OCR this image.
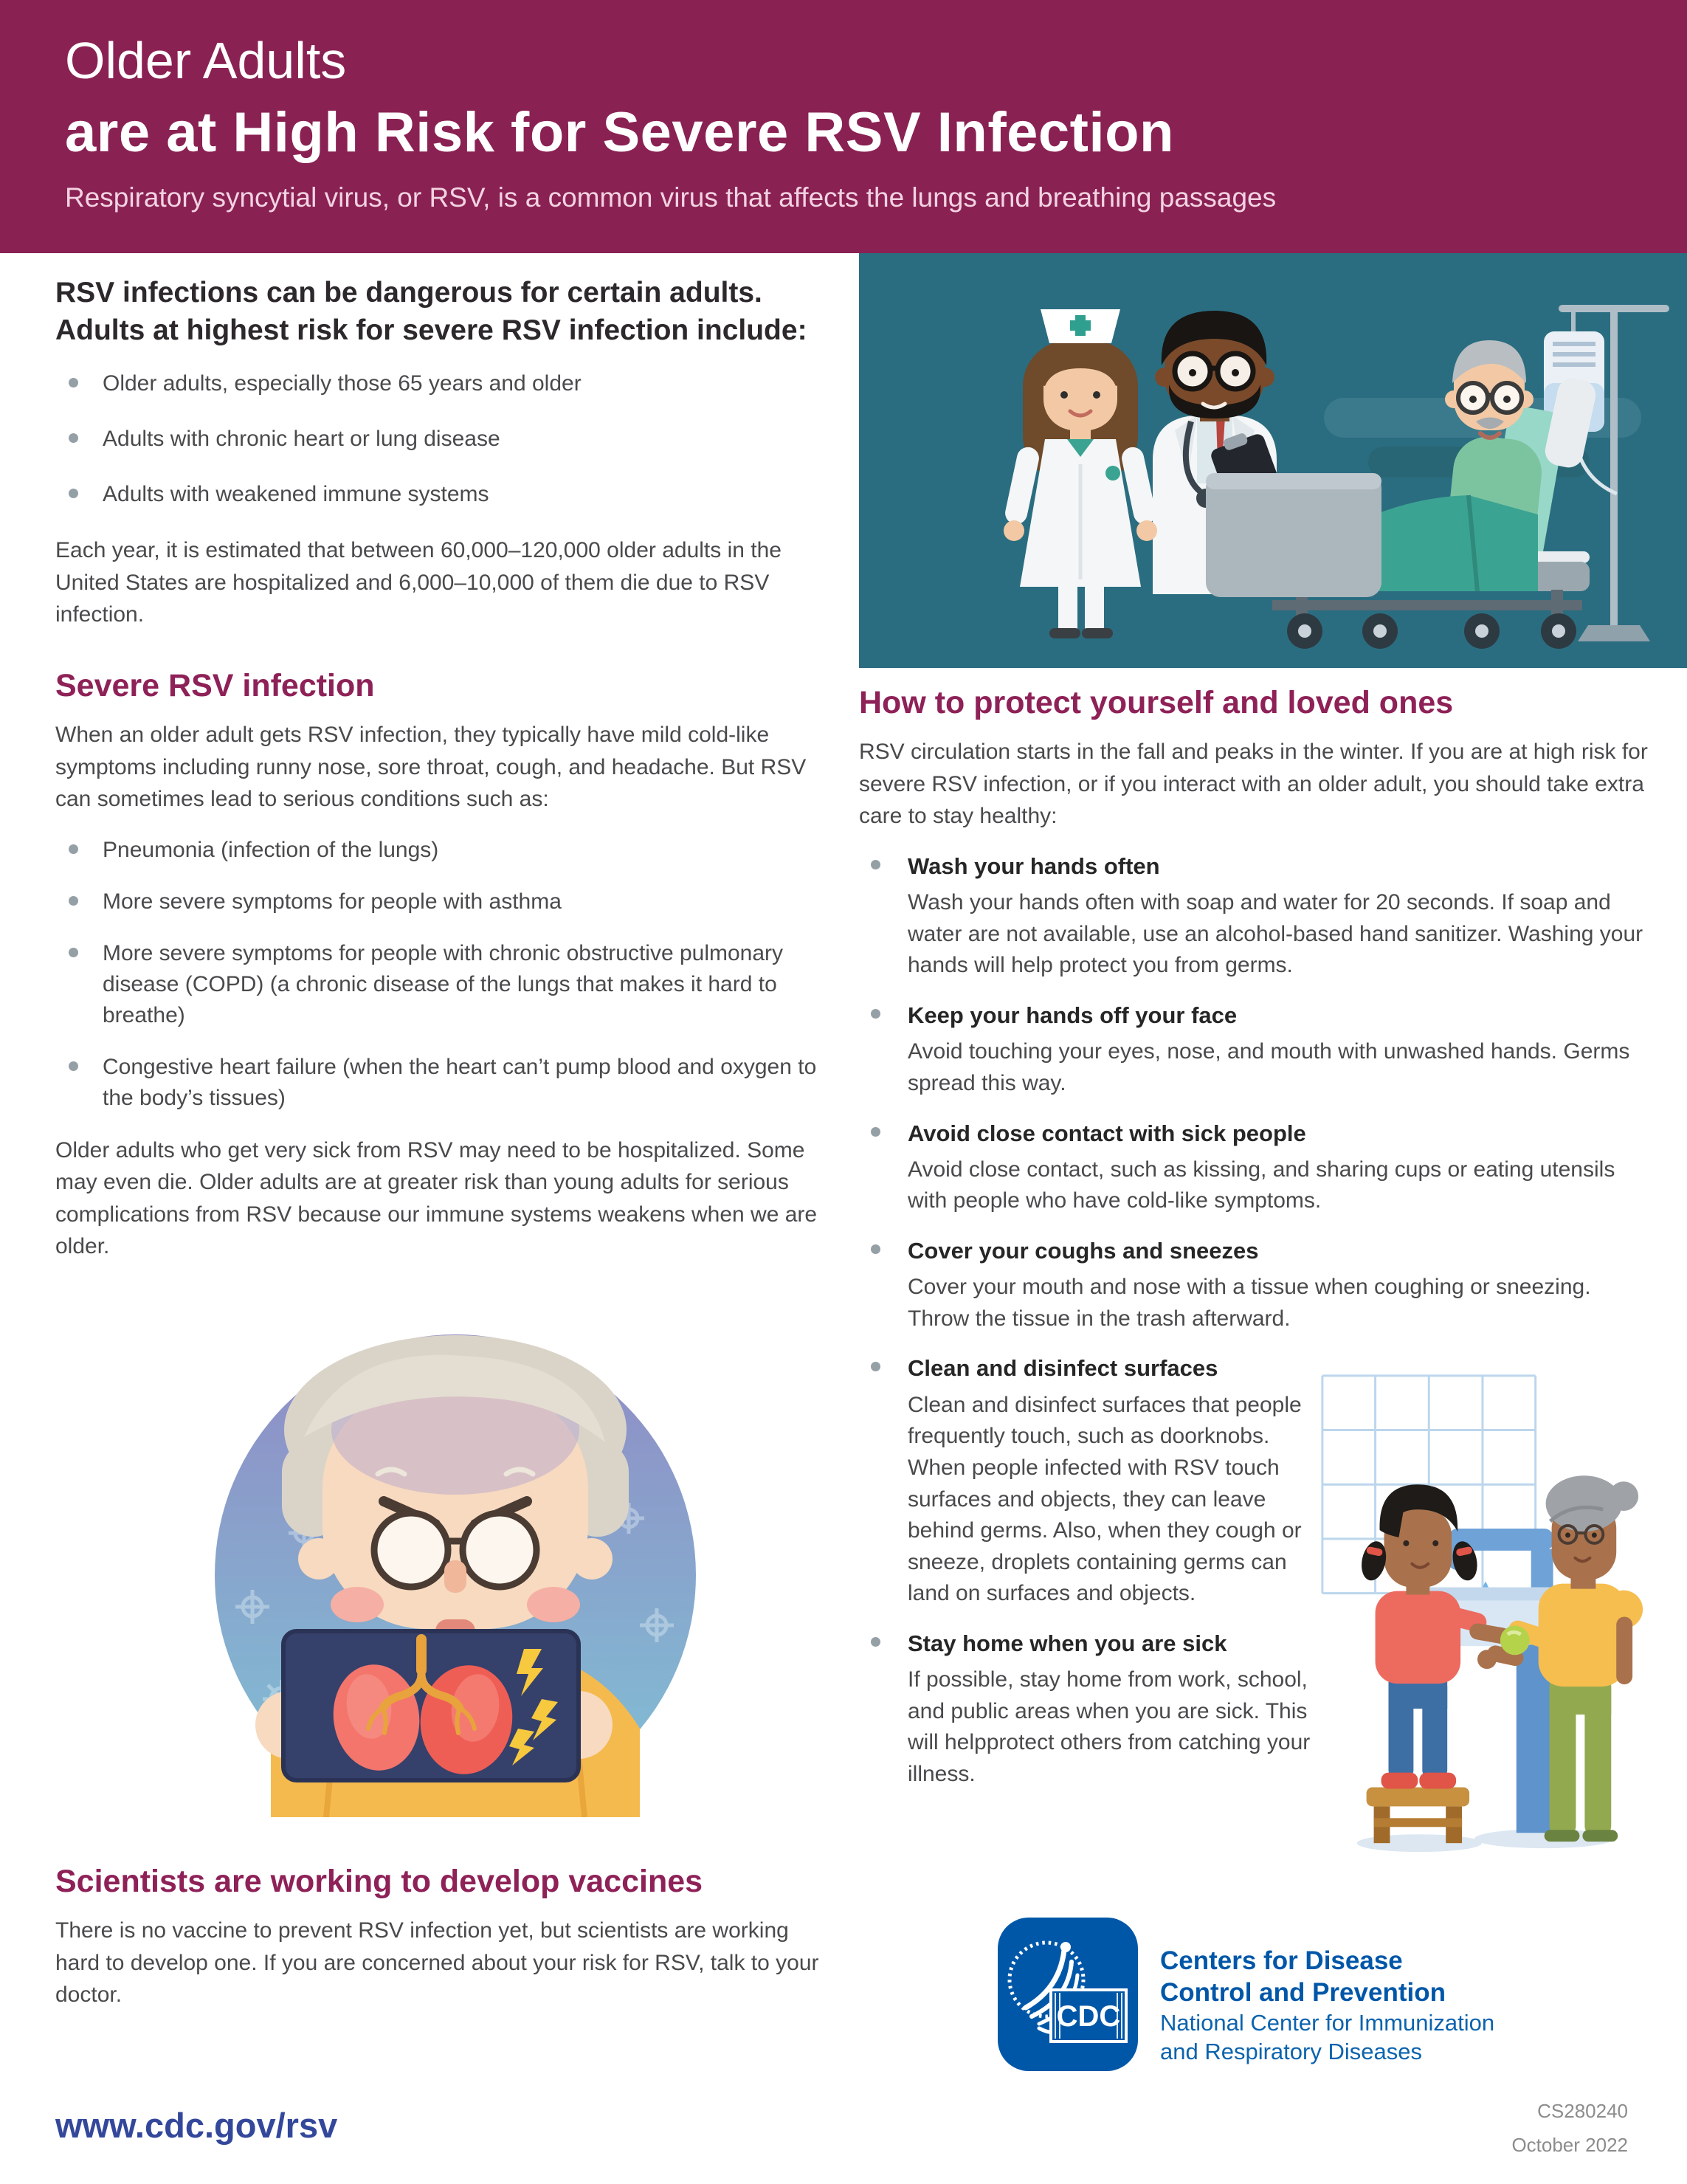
Older Adults
are at High Risk for Severe RSV Infection
Respiratory syncytial virus, or RSV, is a common virus that affects the lungs and breathing passages
RSV infections can be dangerous for certain adults. Adults at highest risk for severe RSV infection include:
Older adults, especially those 65 years and older
Adults with chronic heart or lung disease
Adults with weakened immune systems

Each year, it is estimated that between 60,000–120,000 older adults in the United States are hospitalized and 6,000–10,000 of them die due to RSV infection.

Severe RSV infection

When an older adult gets RSV infection, they typically have mild cold-like symptoms including runny nose, sore throat, cough, and headache. But RSV can sometimes lead to serious conditions such as:

Pneumonia (infection of the lungs)
More severe symptoms for people with asthma
More severe symptoms for people with chronic obstructive pulmonary disease (COPD) (a chronic disease of the lungs that makes it hard to breathe)
Congestive heart failure (when the heart can’t pump blood and oxygen to the body’s tissues)

Older adults who get very sick from RSV may need to be hospitalized. Some may even die. Older adults are at greater risk than young adults for serious complications from RSV because our immune systems weakens when we are older.

Scientists are working to develop vaccines

There is no vaccine to prevent RSV infection yet, but scientists are working hard to develop one. If you are concerned about your risk for RSV, talk to your doctor.

www.cdc.gov/rsv
How to protect yourself and loved ones

RSV circulation starts in the fall and peaks in the winter. If you are at high risk for severe RSV infection, or if you interact with an older adult, you should take extra care to stay healthy:

Wash your hands often

Wash your hands often with soap and water for 20 seconds. If soap and water are not available, use an alcohol-based hand sanitizer. Washing your hands will help protect you from germs.

Keep your hands off your face

Avoid touching your eyes, nose, and mouth with unwashed hands. Germs spread this way.

Avoid close contact with sick people

Avoid close contact, such as kissing, and sharing cups or eating utensils with people who have cold-like symptoms.

Cover your coughs and sneezes

Cover your mouth and nose with a tissue when coughing or sneezing. Throw the tissue in the trash afterward.

Clean and disinfect surfaces

Clean and disinfect surfaces that people frequently touch, such as doorknobs. When people infected with RSV touch surfaces and objects, they can leave behind germs. Also, when they cough or sneeze, droplets containing germs can land on surfaces and objects.

Stay home when you are sick

If possible, stay home from work, school, and public areas when you are sick. This will helpprotect others from catching your illness.

CDC
Centers for Disease
Control and Prevention
National Center for Immunization
and Respiratory Diseases
CS280240
October 2022
